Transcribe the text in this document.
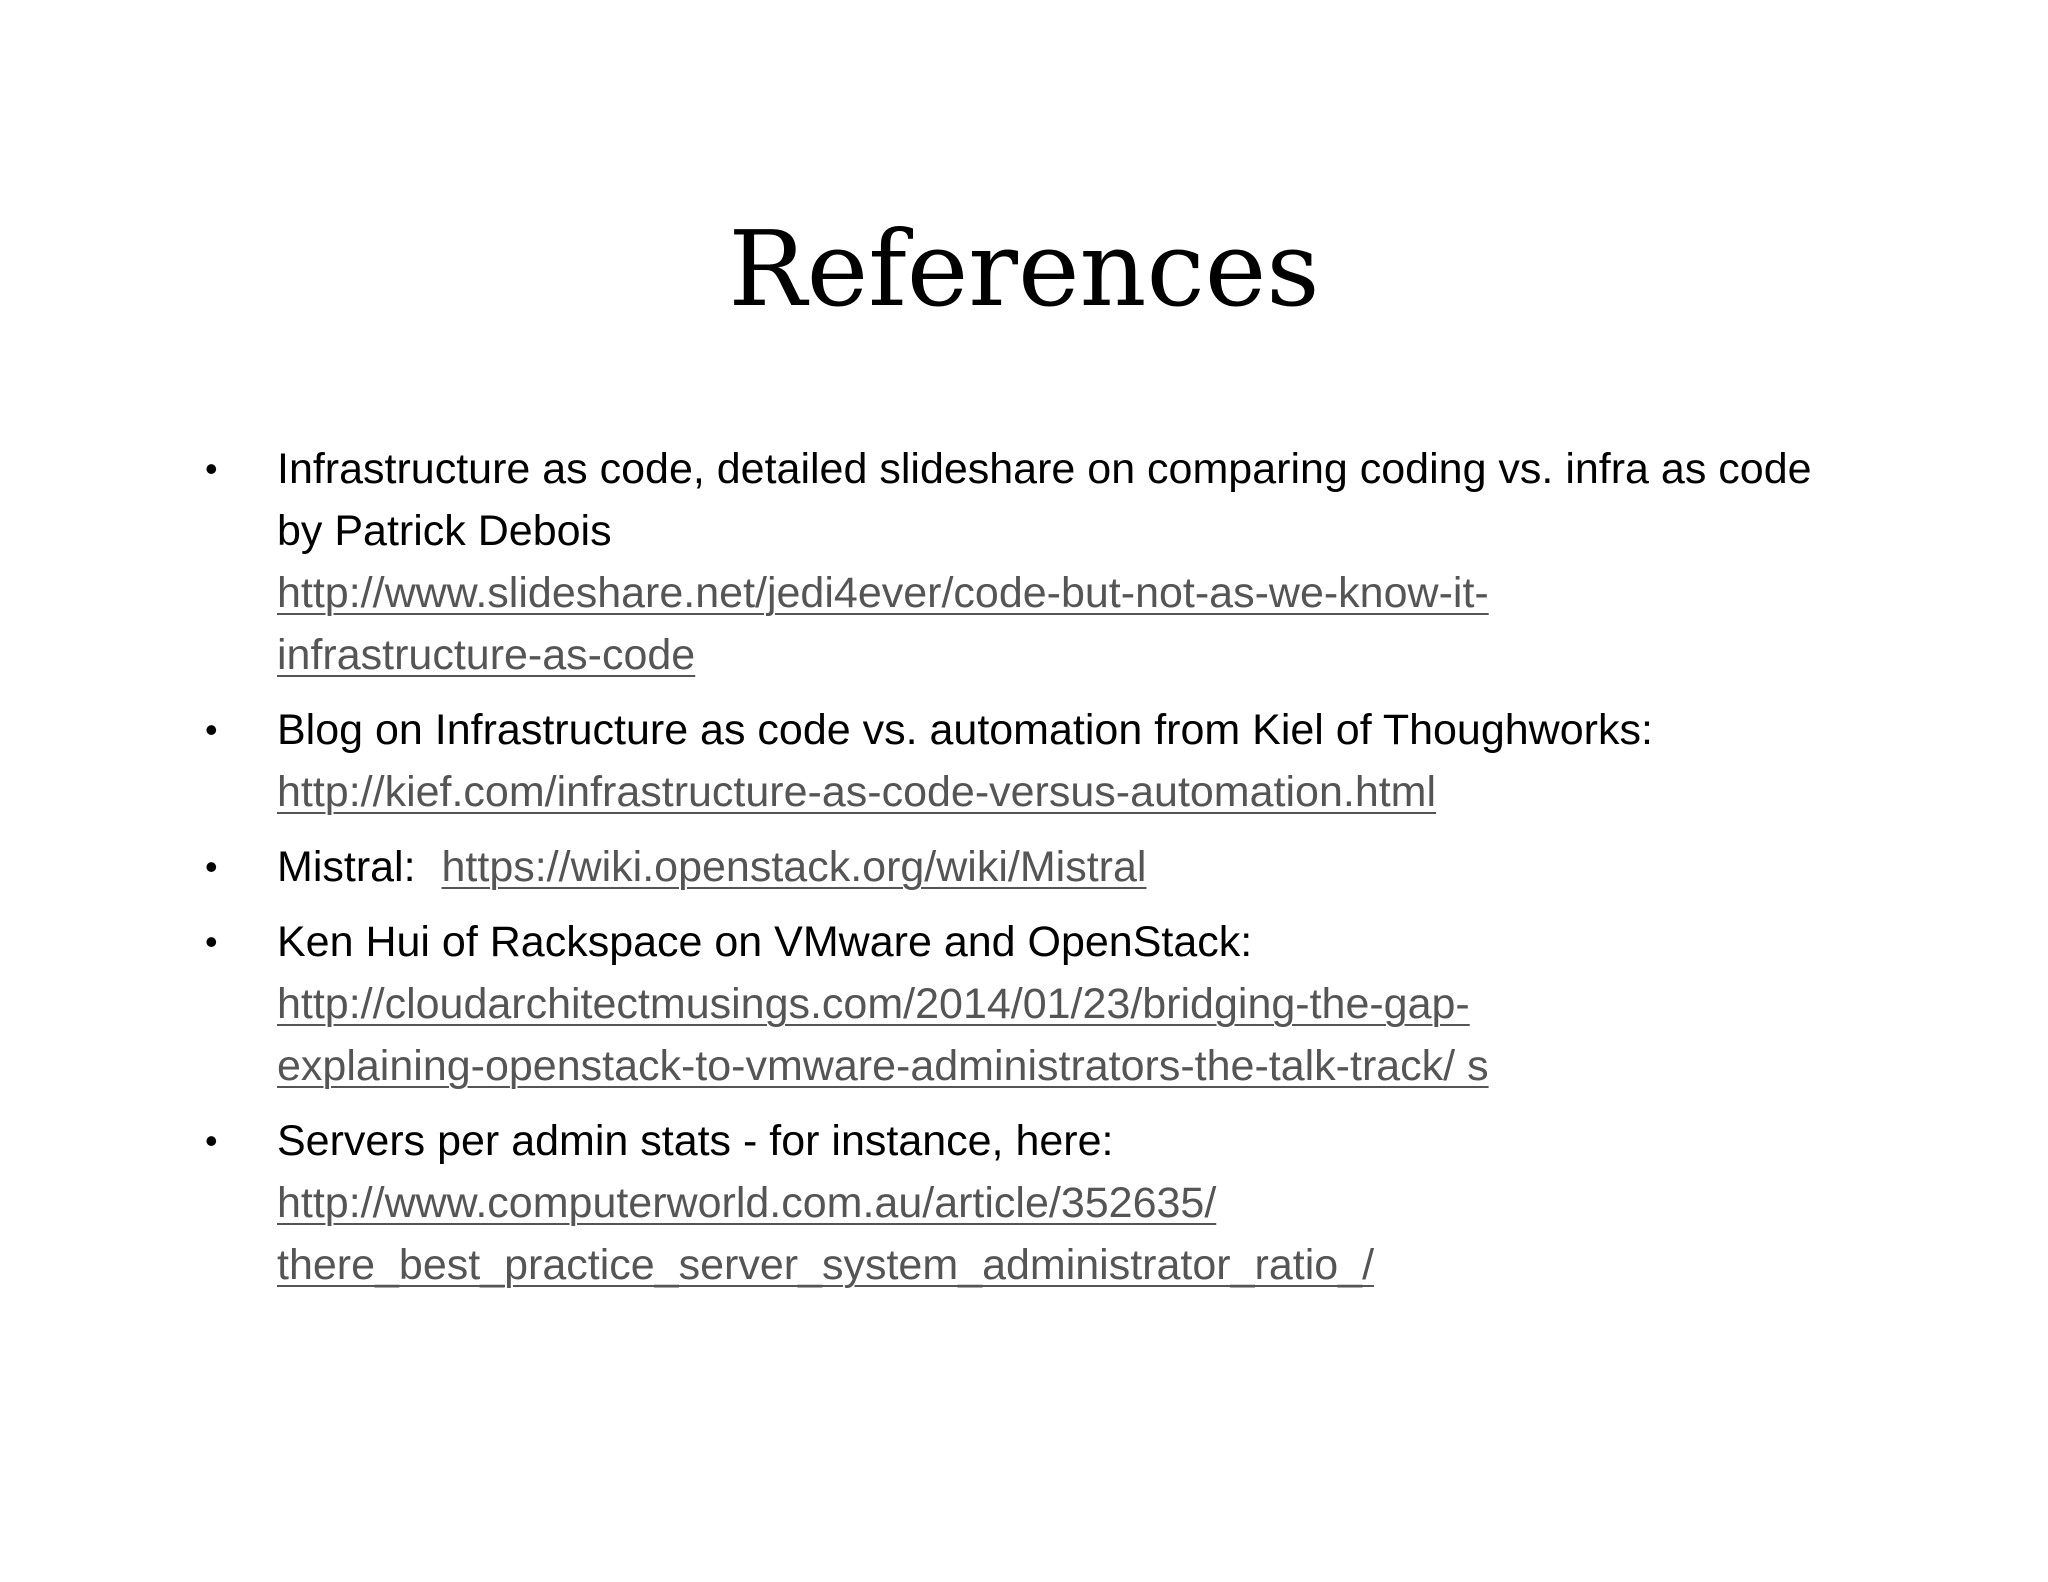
References
•	Infrastructure as code, detailed slideshare on comparing coding vs. infra as code by Patrick Debois
http://www.slideshare.net/jedi4ever/code-but-not-as-we-know-it-
infrastructure-as-code
•	Blog on Infrastructure as code vs. automation from Kiel of Thoughworks:
http://kief.com/infrastructure-as-code-versus-automation.html
•	Mistral: https://wiki.openstack.org/wiki/Mistral
•	Ken Hui of Rackspace on VMware and OpenStack:
http://cloudarchitectmusings.com/2014/01/23/bridging-the-gap-
explaining-openstack-to-vmware-administrators-the-talk-track/ s
•	Servers per admin stats - for instance, here:
http://www.computerworld.com.au/article/352635/
there_best_practice_server_system_administrator_ratio_/
